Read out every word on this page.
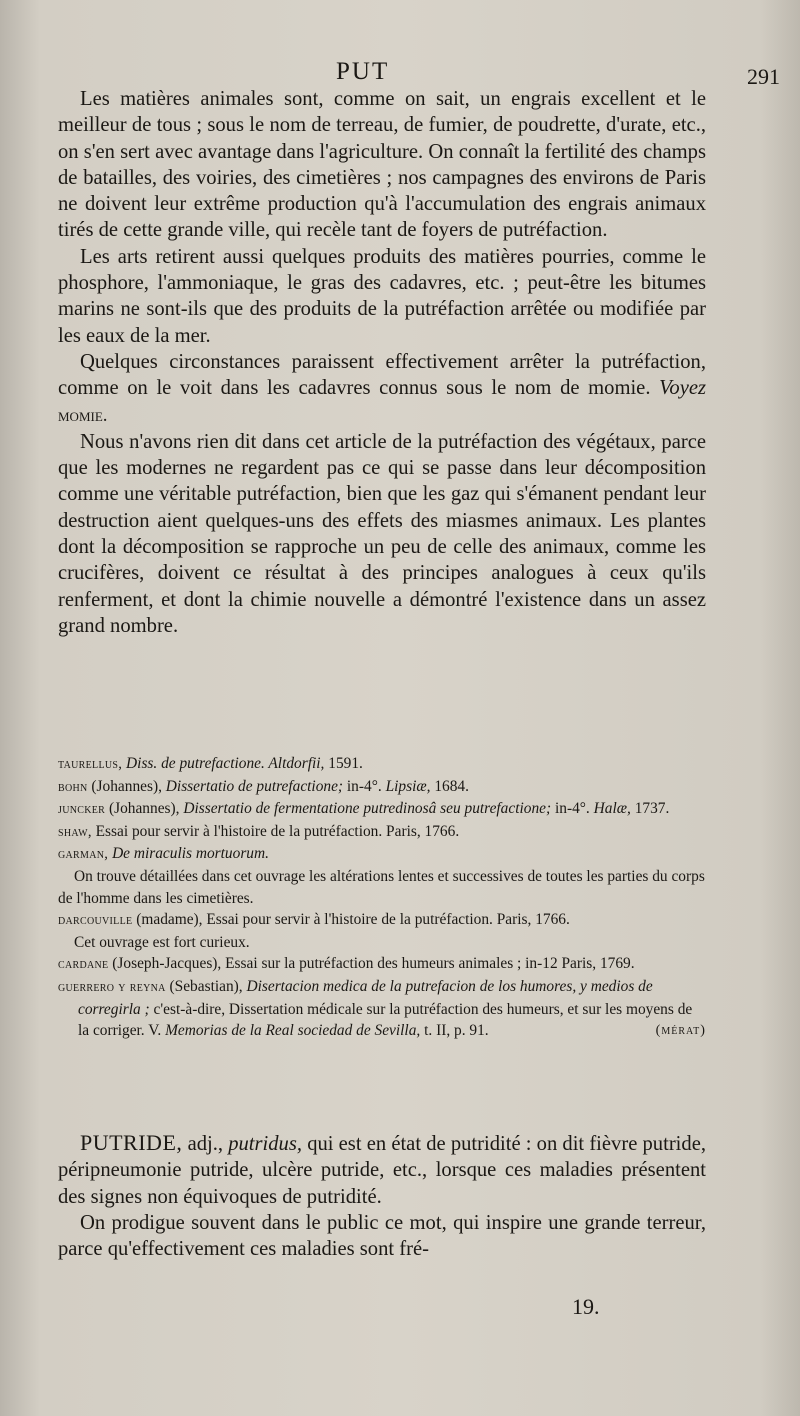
PUT	291

Les matières animales sont, comme on sait, un engrais excellent et le meilleur de tous ; sous le nom de terreau, de fumier, de poudrette, d'urate, etc., on s'en sert avec avantage dans l'agriculture. On connaît la fertilité des champs de batailles, des voiries, des cimetières ; nos campagnes des environs de Paris ne doivent leur extrême production qu'à l'accumulation des engrais animaux tirés de cette grande ville, qui recèle tant de foyers de putréfaction.

Les arts retirent aussi quelques produits des matières pourries, comme le phosphore, l'ammoniaque, le gras des cadavres, etc. ; peut-être les bitumes marins ne sont-ils que des produits de la putréfaction arrêtée ou modifiée par les eaux de la mer.

Quelques circonstances paraissent effectivement arrêter la putréfaction, comme on le voit dans les cadavres connus sous le nom de momie. Voyez momie.

Nous n'avons rien dit dans cet article de la putréfaction des végétaux, parce que les modernes ne regardent pas ce qui se passe dans leur décomposition comme une véritable putréfaction, bien que les gaz qui s'émanent pendant leur destruction aient quelques-uns des effets des miasmes animaux. Les plantes dont la décomposition se rapproche un peu de celle des animaux, comme les crucifères, doivent ce résultat à des principes analogues à ceux qu'ils renferment, et dont la chimie nouvelle a démontré l'existence dans un assez grand nombre.

taurellus, Diss. de putrefactione. Altdorfii, 1591.

bohn (Johannes), Dissertatio de putrefactione; in-4°. Lipsiæ, 1684.

juncker (Johannes), Dissertatio de fermentatione putredinosâ seu putrefactione; in-4°. Halæ, 1737.

shaw, Essai pour servir à l'histoire de la putréfaction. Paris, 1766.

garman, De miraculis mortuorum.

On trouve détaillées dans cet ouvrage les altérations lentes et successives de toutes les parties du corps de l'homme dans les cimetières.

darcouville (madame), Essai pour servir à l'histoire de la putréfaction. Paris, 1766.

Cet ouvrage est fort curieux.

cardane (Joseph-Jacques), Essai sur la putréfaction des humeurs animales ; in-12 Paris, 1769.

guerrero y reyna (Sebastian), Disertacion medica de la putrefacion de los humores, y medios de corregirla ; c'est-à-dire, Dissertation médicale sur la putréfaction des humeurs, et sur les moyens de la corriger. V. Memorias de la Real sociedad de Sevilla, t. II, p. 91.	(mérat)

PUTRIDE, adj., putridus, qui est en état de putridité : on dit fièvre putride, péripneumonie putride, ulcère putride, etc., lorsque ces maladies présentent des signes non équivoques de putridité.

On prodigue souvent dans le public ce mot, qui inspire une grande terreur, parce qu'effectivement ces maladies sont fré-

19.
